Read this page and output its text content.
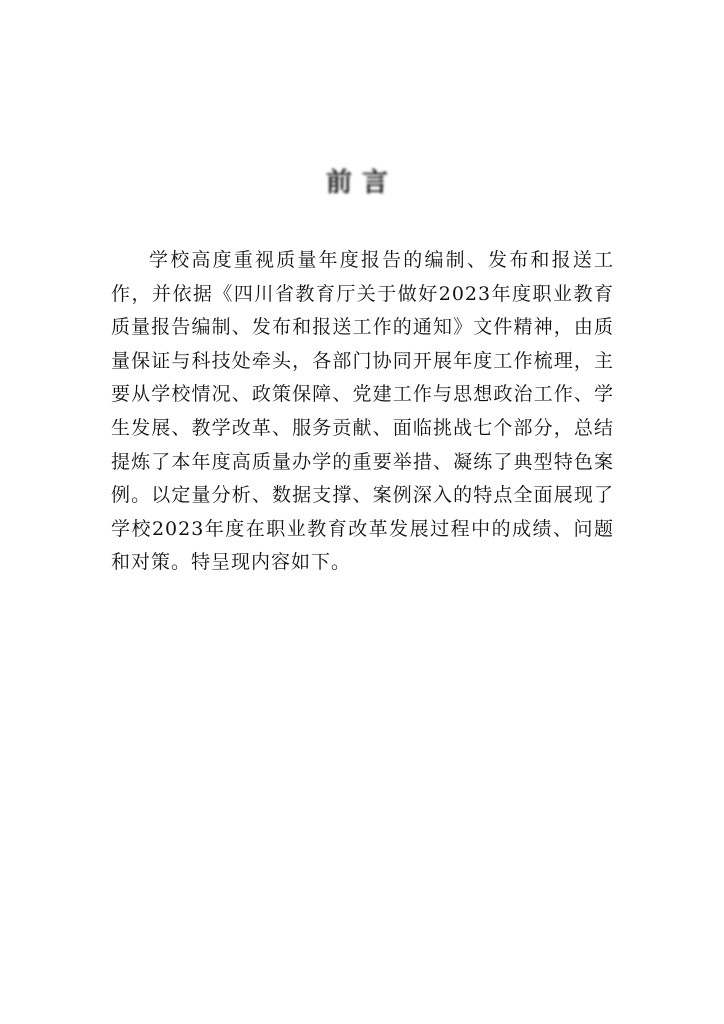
前言

学校高度重视质量年度报告的编制、发布和报送工作，并依据《四川省教育厅关于做好2023年度职业教育质量报告编制、发布和报送工作的通知》文件精神，由质量保证与科技处牵头，各部门协同开展年度工作梳理，主要从学校情况、政策保障、党建工作与思想政治工作、学生发展、教学改革、服务贡献、面临挑战七个部分，总结提炼了本年度高质量办学的重要举措、凝练了典型特色案例。以定量分析、数据支撑、案例深入的特点全面展现了学校2023年度在职业教育改革发展过程中的成绩、问题和对策。特呈现内容如下。
